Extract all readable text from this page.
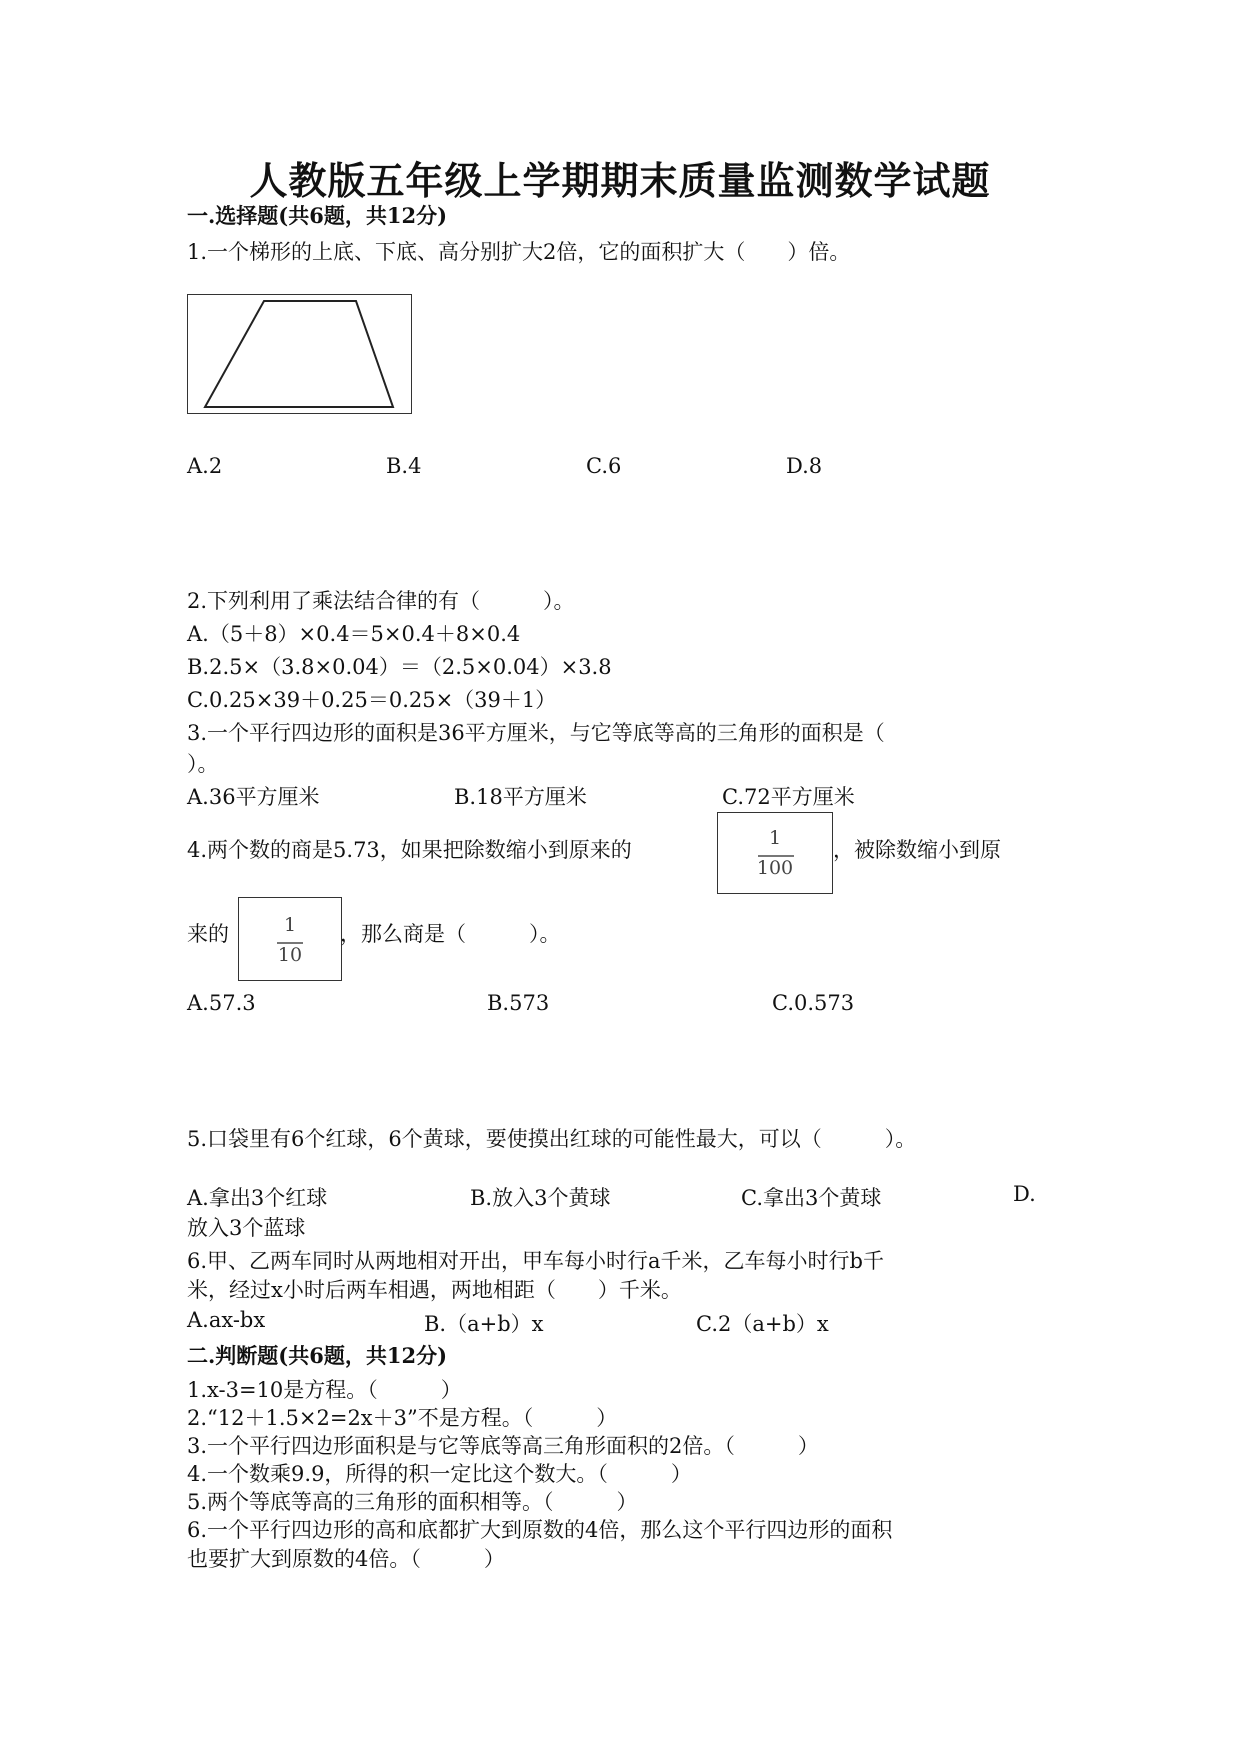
人教版五年级上学期期末质量监测数学试题
一.选择题(共6题，共12分)
1.一个梯形的上底、下底、高分别扩大2倍，它的面积扩大（　　）倍。
A.2	B.4	C.6	D.8
2.下列利用了乘法结合律的有（　　　）。
A.（5＋8）×0.4＝5×0.4＋8×0.4
B.2.5×（3.8×0.04）＝（2.5×0.04）×3.8
C.0.25×39＋0.25＝0.25×（39＋1）
3.一个平行四边形的面积是36平方厘米，与它等底等高的三角形的面积是（
）。
A.36平方厘米	B.18平方厘米	C.72平方厘米
4.两个数的商是5.73，如果把除数缩小到原来的	1
100
，被除数缩小到原
来的	1
10
，那么商是（　　　）。
A.57.3	B.573	C.0.573
5.口袋里有6个红球，6个黄球，要使摸出红球的可能性最大，可以（　　　）。
A.拿出3个红球	B.放入3个黄球	C.拿出3个黄球	D.
放入3个蓝球
6.甲、乙两车同时从两地相对开出，甲车每小时行a千米，乙车每小时行b千
米，经过x小时后两车相遇，两地相距（　　）千米。
A.ax-bx	B.（a+b）x	C.2（a+b）x
二.判断题(共6题，共12分)
1.x-3=10是方程。（　　　）
2.“12＋1.5×2=2x＋3”不是方程。（　　　）
3.一个平行四边形面积是与它等底等高三角形面积的2倍。（　　　）
4.一个数乘9.9，所得的积一定比这个数大。（　　　）
5.两个等底等高的三角形的面积相等。（　　　）
6.一个平行四边形的高和底都扩大到原数的4倍，那么这个平行四边形的面积
也要扩大到原数的4倍。（　　　）
